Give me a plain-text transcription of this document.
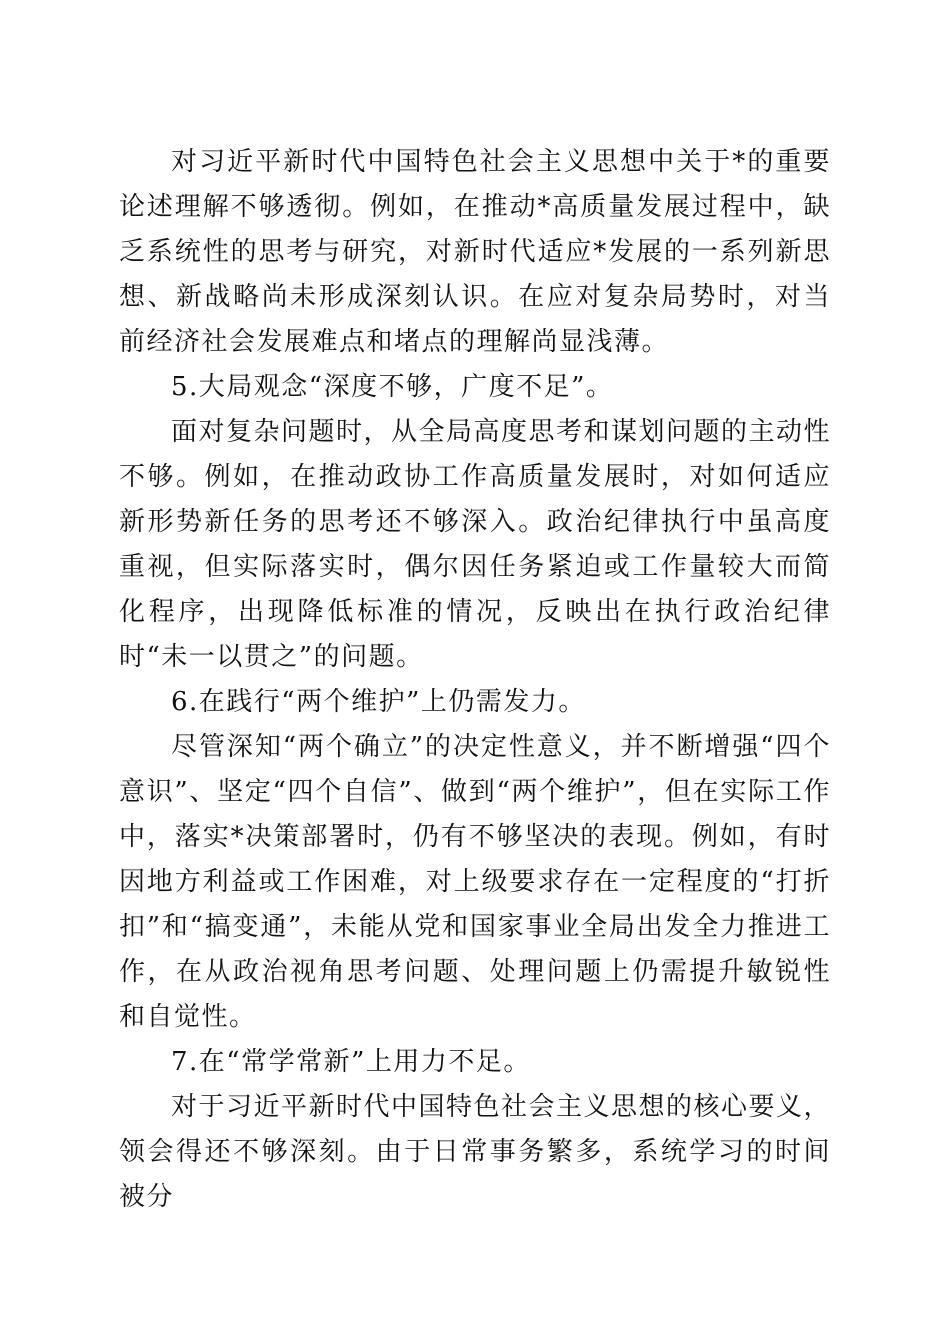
对习近平新时代中国特色社会主义思想中关于*的重要论述理解不够透彻。例如，在推动*高质量发展过程中，缺乏系统性的思考与研究，对新时代适应*发展的一系列新思想、新战略尚未形成深刻认识。在应对复杂局势时，对当前经济社会发展难点和堵点的理解尚显浅薄。

5.大局观念“深度不够，广度不足”。

面对复杂问题时，从全局高度思考和谋划问题的主动性不够。例如，在推动政协工作高质量发展时，对如何适应新形势新任务的思考还不够深入。政治纪律执行中虽高度重视，但实际落实时，偶尔因任务紧迫或工作量较大而简化程序，出现降低标准的情况，反映出在执行政治纪律时“未一以贯之”的问题。

6.在践行“两个维护”上仍需发力。

尽管深知“两个确立”的决定性意义，并不断增强“四个意识”、坚定“四个自信”、做到“两个维护”，但在实际工作中，落实*决策部署时，仍有不够坚决的表现。例如，有时因地方利益或工作困难，对上级要求存在一定程度的“打折扣”和“搞变通”，未能从党和国家事业全局出发全力推进工作，在从政治视角思考问题、处理问题上仍需提升敏锐性和自觉性。

7.在“常学常新”上用力不足。

对于习近平新时代中国特色社会主义思想的核心要义，领会得还不够深刻。由于日常事务繁多，系统学习的时间被分
